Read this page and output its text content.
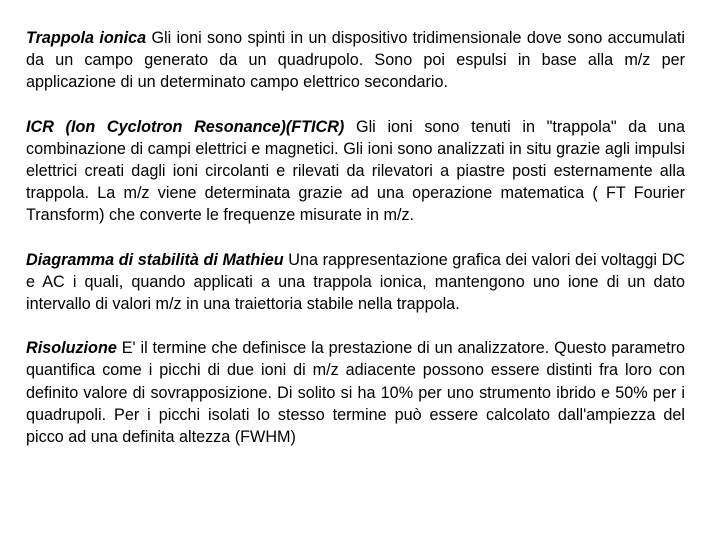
Trappola ionica Gli ioni sono spinti in un dispositivo tridimensionale dove sono accumulati da un campo generato da un quadrupolo. Sono poi espulsi in base alla m/z per applicazione di un determinato campo elettrico secondario.

ICR (Ion Cyclotron Resonance)(FTICR) Gli ioni sono tenuti in "trappola" da una combinazione di campi elettrici e magnetici. Gli ioni sono analizzati in situ grazie agli impulsi elettrici creati dagli ioni circolanti e rilevati da rilevatori a piastre posti esternamente alla trappola. La m/z viene determinata grazie ad una operazione matematica ( FT Fourier Transform) che converte le frequenze misurate in m/z.

Diagramma di stabilità di Mathieu Una rappresentazione grafica dei valori dei voltaggi DC e AC i quali, quando applicati a una trappola ionica, mantengono uno ione di un dato intervallo di valori m/z in una traiettoria stabile nella trappola.

Risoluzione E' il termine che definisce la prestazione di un analizzatore. Questo parametro quantifica come i picchi di due ioni di m/z adiacente possono essere distinti fra loro con definito valore di sovrapposizione. Di solito si ha 10% per uno strumento ibrido e 50% per i quadrupoli. Per i picchi isolati lo stesso termine può essere calcolato dall'ampiezza del picco ad una definita altezza (FWHM)
